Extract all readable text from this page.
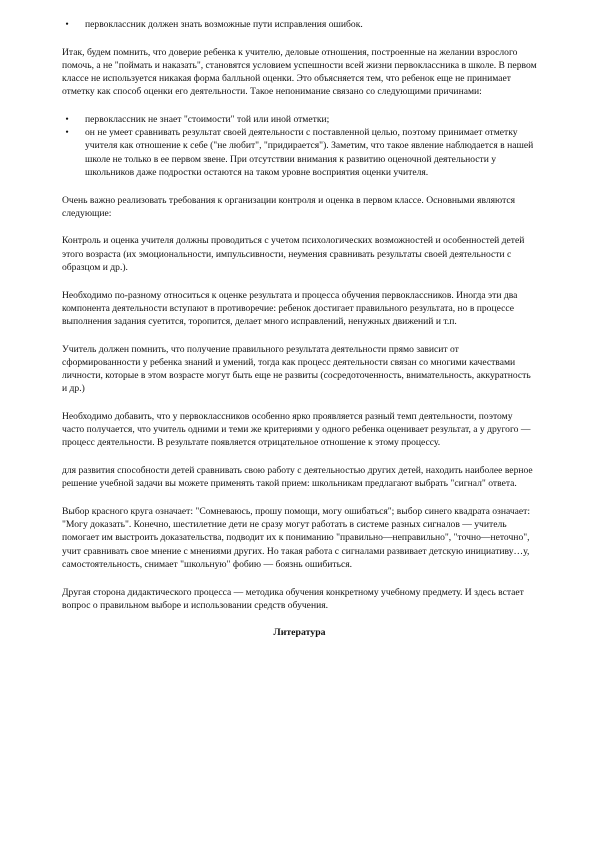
•	первоклассник должен знать возможные пути исправления ошибок.

Итак, будем помнить, что доверие ребенка к учителю, деловые отношения, построенные на желании взрослого помочь, а не "поймать и наказать", становятся условием успешности всей жизни первоклассника в школе. В первом классе не используется никакая форма балльной оценки. Это объясняется тем, что ребенок еще не принимает отметку как способ оценки его деятельности. Такое непонимание связано со следующими причинами:

•	первоклассник не знает "стоимости" той или иной отметки;
•	он не умеет сравнивать результат своей деятельности с поставленной целью, поэтому принимает отметку учителя как отношение к себе ("не любит", "придирается"). Заметим, что такое явление наблюдается в нашей школе не только в ее первом звене. При отсутствии внимания к развитию оценочной деятельности у школьников даже подростки остаются на таком уровне восприятия оценки учителя.

Очень важно реализовать требования к организации контроля и оценка в первом классе. Основными являются следующие:

Контроль и оценка учителя должны проводиться с учетом психологических возможностей и особенностей детей этого возраста (их эмоциональности, импульсивности, неумения сравнивать результаты своей деятельности с образцом и др.).

Необходимо по-разному относиться к оценке результата и процесса обучения первоклассников. Иногда эти два компонента деятельности вступают в противоречие: ребенок достигает правильного результата, но в процессе выполнения задания суетится, торопится, делает много исправлений, ненужных движений и т.п.

Учитель должен помнить, что получение правильного результата деятельности прямо зависит от сформированности у ребенка знаний и умений, тогда как процесс деятельности связан со многими качествами личности, которые в этом возрасте могут быть еще не развиты (сосредоточенность, внимательность, аккуратность и др.)

Необходимо добавить, что у первоклассников особенно ярко проявляется разный темп деятельности, поэтому часто получается, что учитель одними и теми же критериями у одного ребенка оценивает результат, а у другого — процесс деятельности. В результате появляется отрицательное отношение к этому процессу.

для развития способности детей сравнивать свою работу с деятельностью других детей, находить наиболее верное решение учебной задачи вы можете применять такой прием: школьникам предлагают выбрать "сигнал" ответа.

Выбор красного круга означает: "Сомневаюсь, прошу помощи, могу ошибаться"; выбор синего квадрата означает: "Могу доказать". Конечно, шестилетние дети не сразу могут работать в системе разных сигналов — учитель помогает им выстроить доказательства, подводит их к пониманию "правильно—неправильно", "точно—неточно", учит сравнивать свое мнение с мнениями других. Но такая работа с сигналами развивает детскую инициативу…у, самостоятельность, снимает "школьную" фобию — боязнь ошибиться.

Другая сторона дидактического процесса — методика обучения конкретному учебному предмету. И здесь встает вопрос о правильном выборе и использовании средств обучения.

Литература
